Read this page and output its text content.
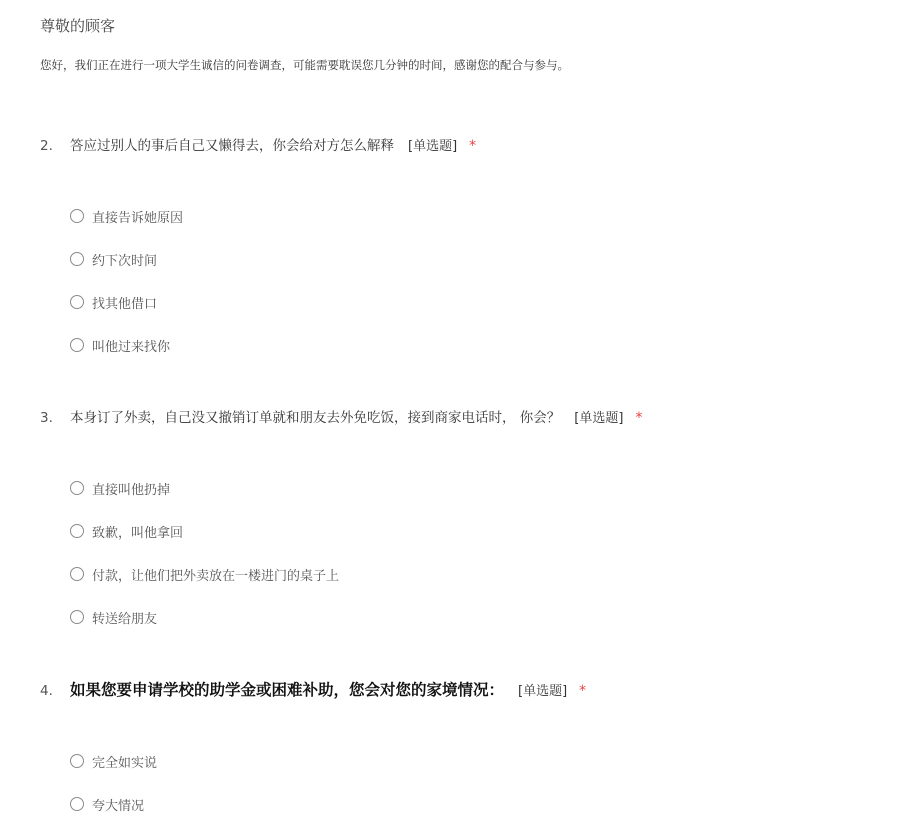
尊敬的顾客
您好，我们正在进行一项大学生诚信的问卷调查，可能需要耽误您几分钟的时间，感谢您的配合与参与。
2. 答应过别人的事后自己又懒得去，你会给对方怎么解释 [单选题] *
直接告诉她原因
约下次时间
找其他借口
叫他过来找你
3. 本身订了外卖，自己没又撤销订单就和朋友去外免吃饭，接到商家电话时， 你会？ [单选题] *
直接叫他扔掉
致歉，叫他拿回
付款，让他们把外卖放在一楼进门的桌子上
转送给朋友
4. 如果您要申请学校的助学金或困难补助，您会对您的家境情况： [单选题] *
完全如实说
夸大情况
